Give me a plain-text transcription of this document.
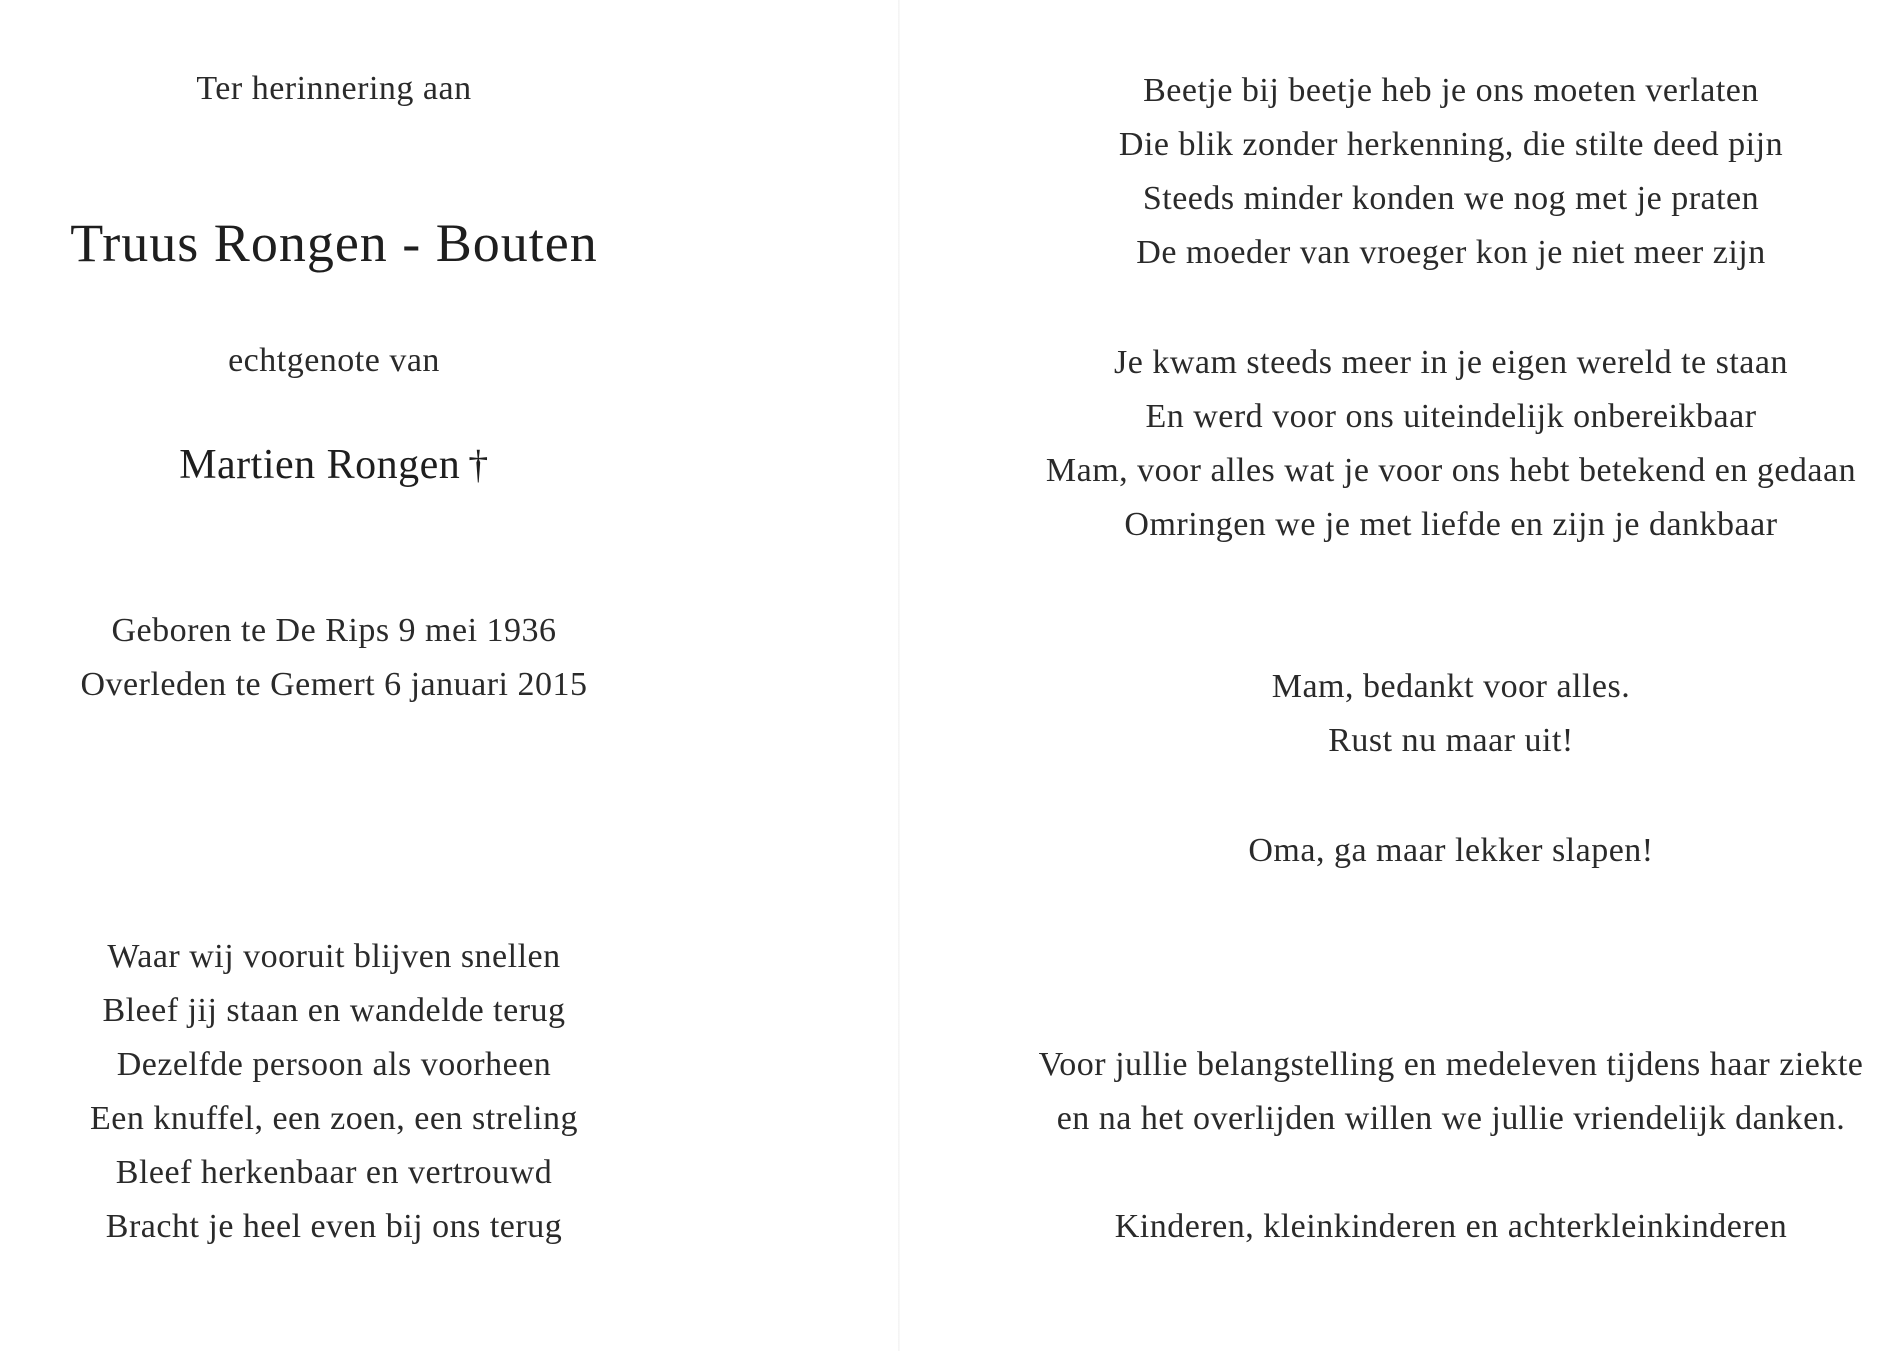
Ter herinnering aan
Truus Rongen - Bouten
echtgenote van
Martien Rongen †
Geboren te De Rips 9 mei 1936
Overleden te Gemert 6 januari 2015
Waar wij vooruit blijven snellen
Bleef jij staan en wandelde terug
Dezelfde persoon als voorheen
Een knuffel, een zoen, een streling
Bleef herkenbaar en vertrouwd
Bracht je heel even bij ons terug
Beetje bij beetje heb je ons moeten verlaten
Die blik zonder herkenning, die stilte deed pijn
Steeds minder konden we nog met je praten
De moeder van vroeger kon je niet meer zijn
Je kwam steeds meer in je eigen wereld te staan
En werd voor ons uiteindelijk onbereikbaar
Mam, voor alles wat je voor ons hebt betekend en gedaan
Omringen we je met liefde en zijn je dankbaar
Mam, bedankt voor alles.
Rust nu maar uit!
Oma, ga maar lekker slapen!
Voor jullie belangstelling en medeleven tijdens haar ziekte
en na het overlijden willen we jullie vriendelijk danken.
Kinderen, kleinkinderen en achterkleinkinderen
